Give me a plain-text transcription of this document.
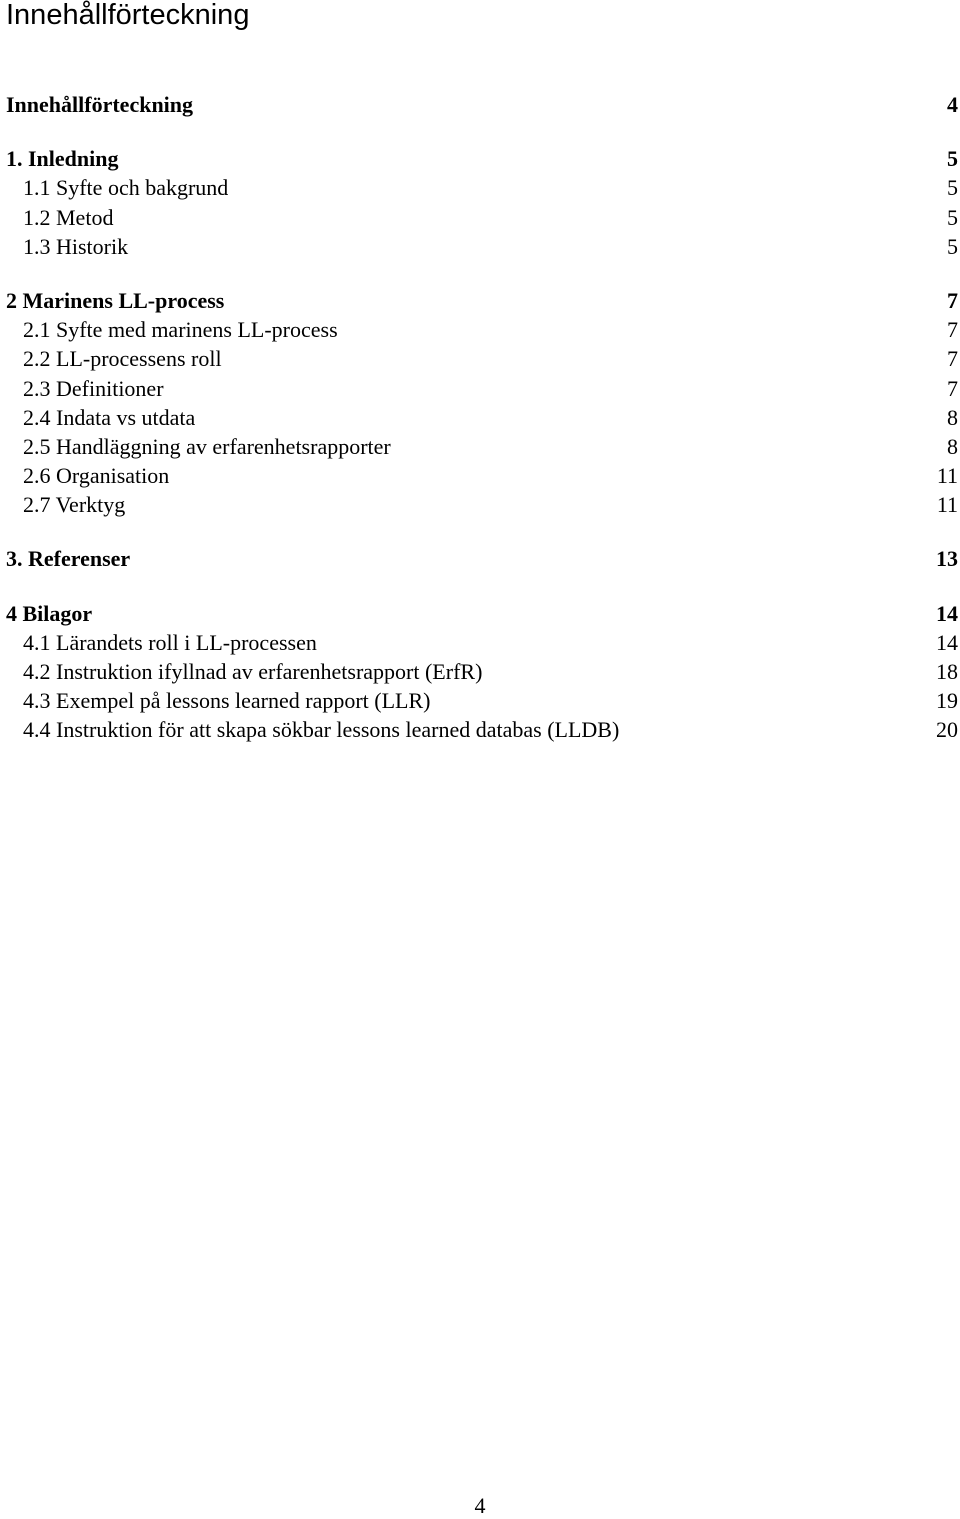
Innehållförteckning
Innehållförteckning	4
1. Inledning	5
1.1 Syfte och bakgrund	5
1.2 Metod	5
1.3 Historik	5
2 Marinens LL-process	7
2.1 Syfte med marinens LL-process	7
2.2 LL-processens roll	7
2.3 Definitioner	7
2.4 Indata vs utdata	8
2.5 Handläggning av erfarenhetsrapporter	8
2.6 Organisation	11
2.7 Verktyg	11
3. Referenser	13
4 Bilagor	14
4.1 Lärandets roll i LL-processen	14
4.2 Instruktion ifyllnad av erfarenhetsrapport (ErfR)	18
4.3 Exempel på lessons learned rapport (LLR)	19
4.4 Instruktion för att skapa sökbar lessons learned databas (LLDB)	20
4
